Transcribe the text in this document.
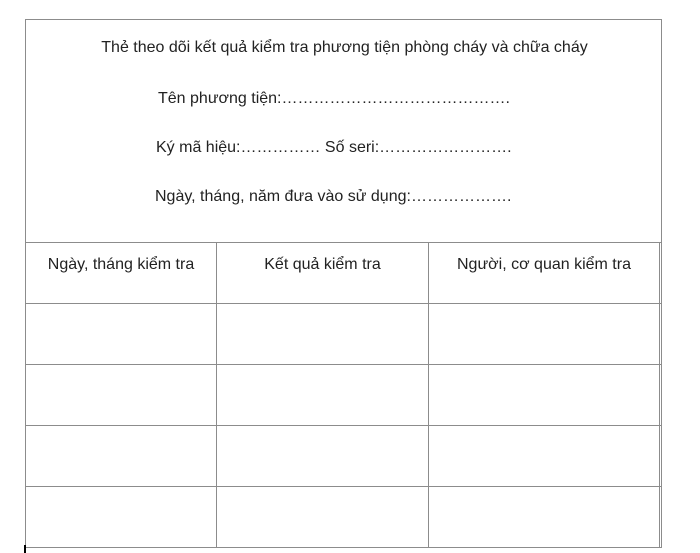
Thẻ theo dõi kết quả kiểm tra phương tiện phòng cháy và chữa cháy
Tên phương tiện:…………………………………….
Ký mã hiệu:…………… Số seri:…………………….
Ngày, tháng, năm đưa vào sử dụng:……………….
Ngày, tháng kiểm tra	Kết quả kiểm tra	Người, cơ quan kiểm tra
